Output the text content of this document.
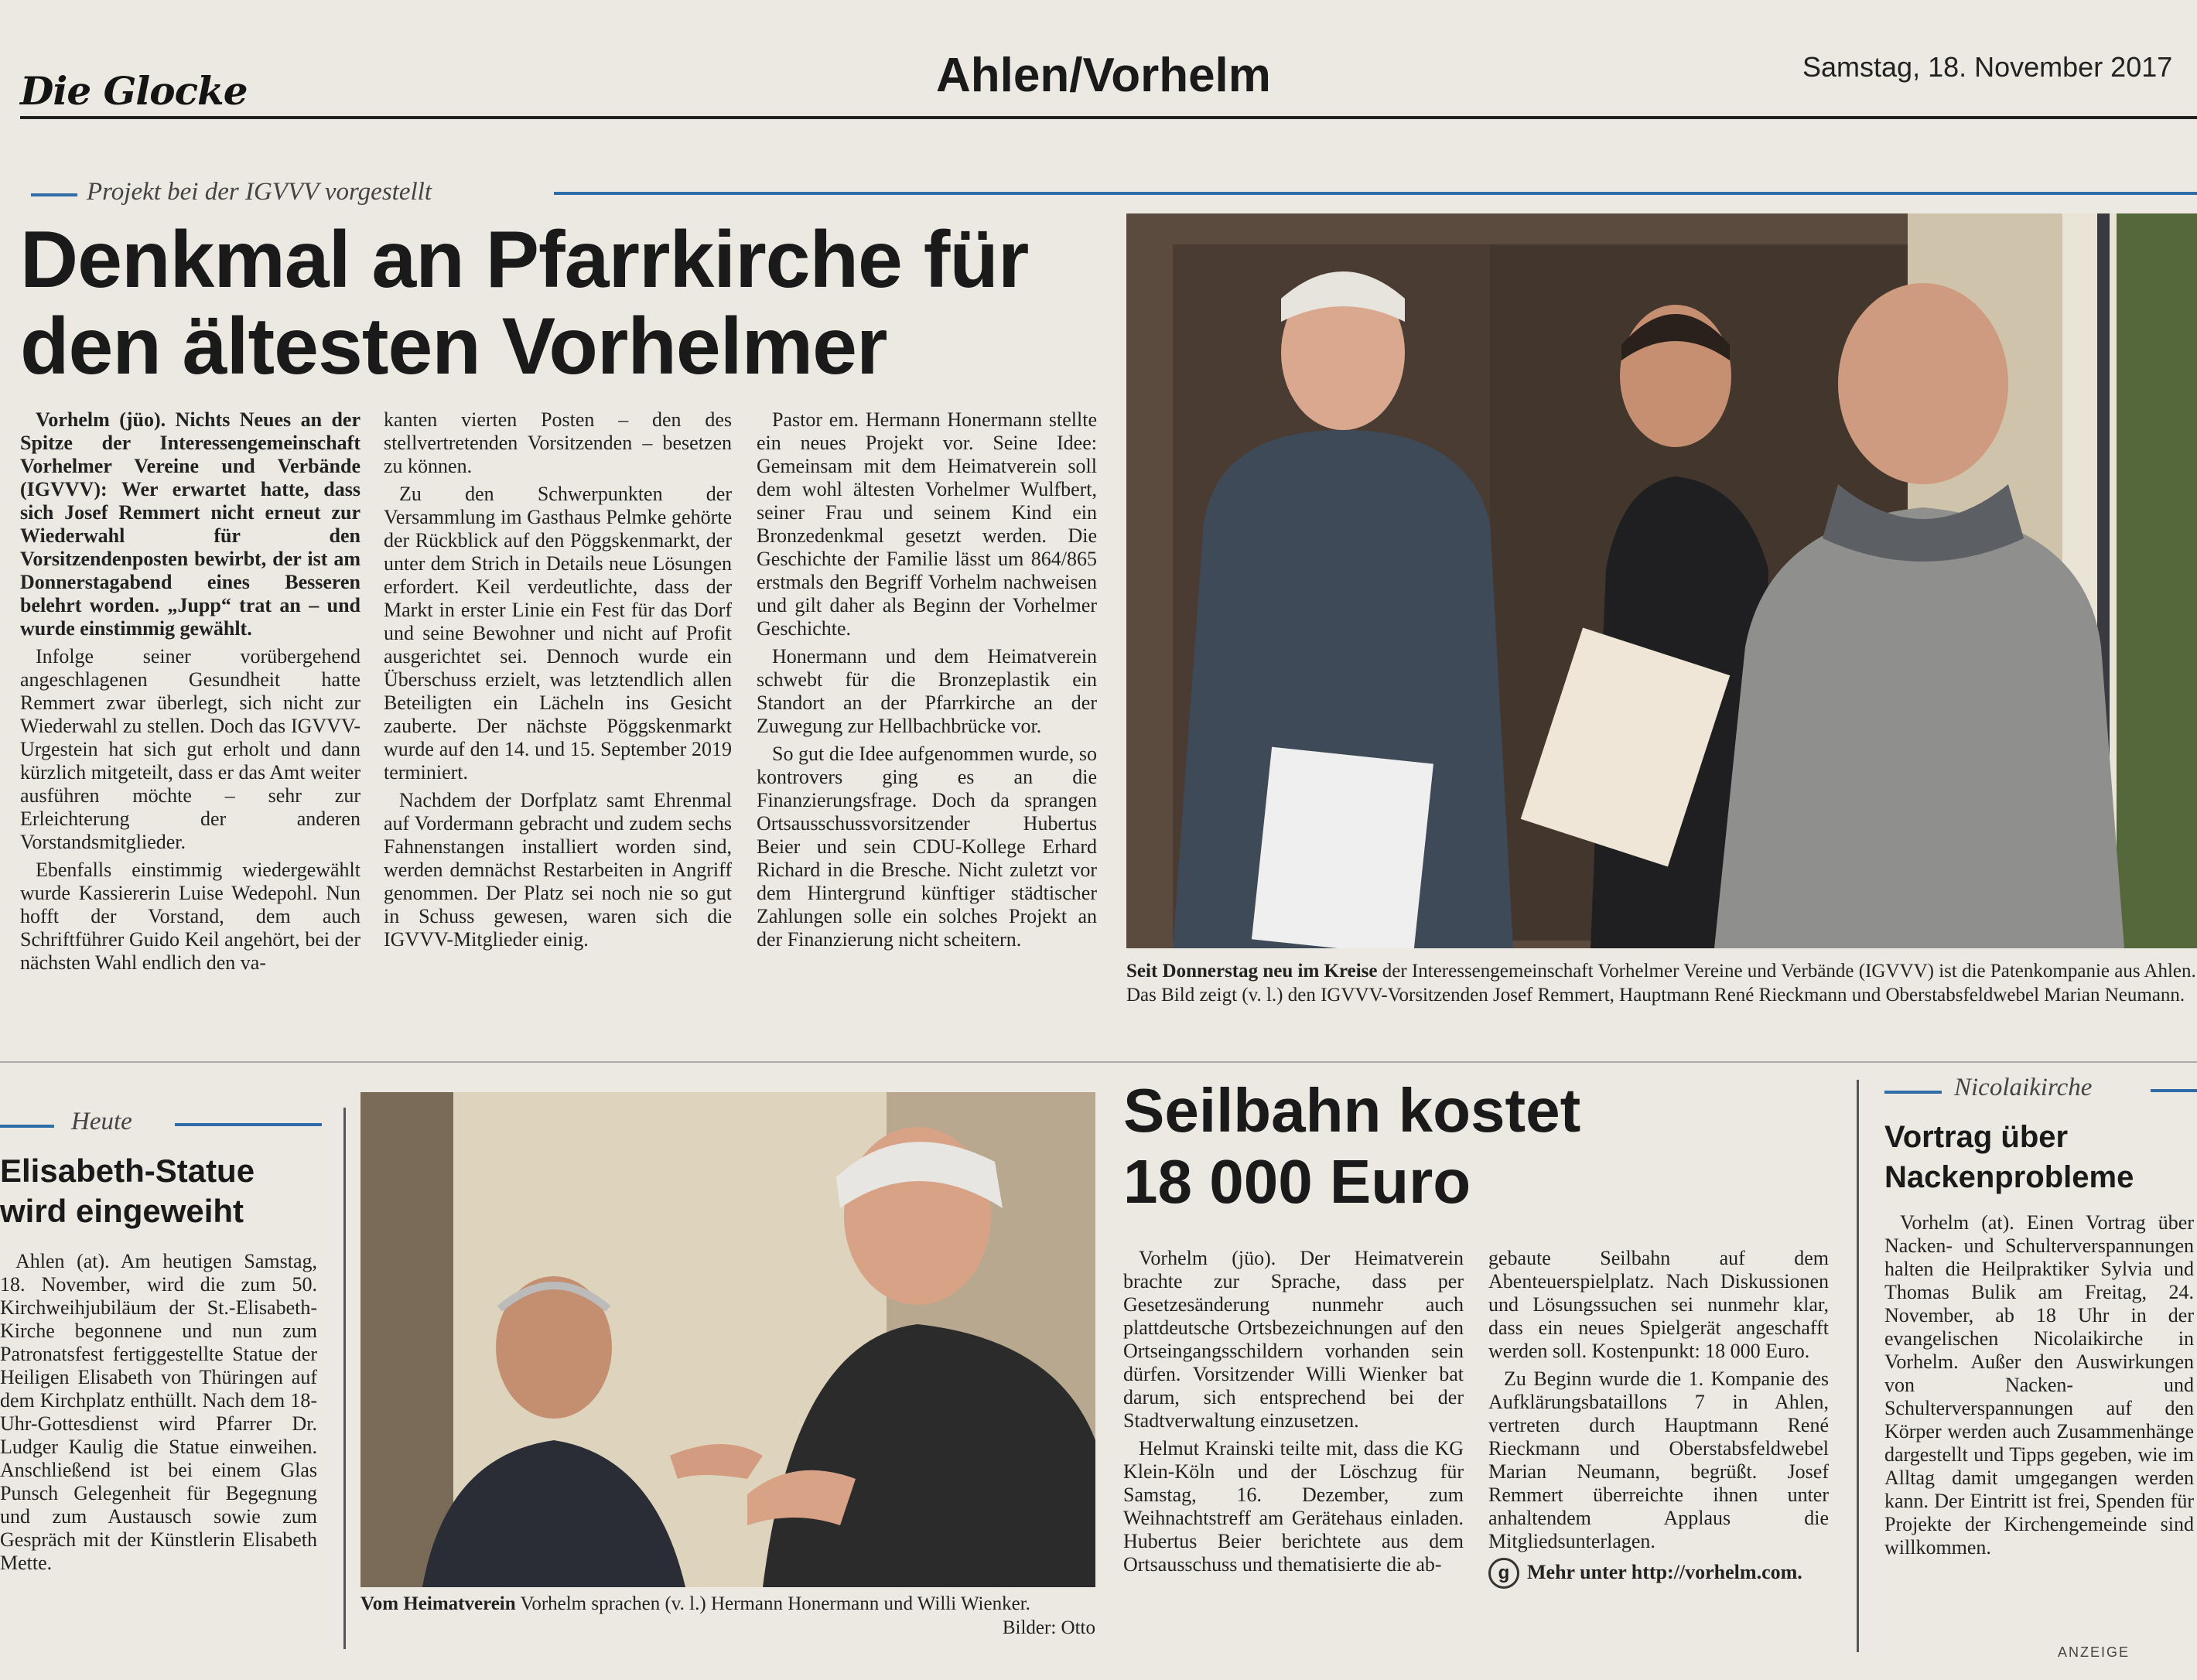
Die Glocke	Ahlen/Vorhelm	Samstag, 18. November 2017
Projekt bei der IGVVV vorgestellt
Denkmal an Pfarrkirche für
den ältesten Vorhelmer

Vorhelm (jüo). Nichts Neues an der Spitze der Interessengemeinschaft Vorhelmer Vereine und Verbände (IGVVV): Wer erwartet hatte, dass sich Josef Remmert nicht erneut zur Wiederwahl für den Vorsitzendenposten bewirbt, der ist am Donnerstagabend eines Besseren belehrt worden. „Jupp“ trat an – und wurde einstimmig gewählt.

Infolge seiner vorübergehend angeschlagenen Gesundheit hatte Remmert zwar überlegt, sich nicht zur Wiederwahl zu stellen. Doch das IGVVV-Urgestein hat sich gut erholt und dann kürzlich mitgeteilt, dass er das Amt weiter ausführen möchte – sehr zur Erleichterung der anderen Vorstandsmitglieder.

Ebenfalls einstimmig wiedergewählt wurde Kassiererin Luise Wedepohl. Nun hofft der Vorstand, dem auch Schriftführer Guido Keil angehört, bei der nächsten Wahl endlich den va-

kanten vierten Posten – den des stellvertretenden Vorsitzenden – besetzen zu können.

Zu den Schwerpunkten der Versammlung im Gasthaus Pelmke gehörte der Rückblick auf den Pöggskenmarkt, der unter dem Strich in Details neue Lösungen erfordert. Keil verdeutlichte, dass der Markt in erster Linie ein Fest für das Dorf und seine Bewohner und nicht auf Profit ausgerichtet sei. Dennoch wurde ein Überschuss erzielt, was letztendlich allen Beteiligten ein Lächeln ins Gesicht zauberte. Der nächste Pöggskenmarkt wurde auf den 14. und 15. September 2019 terminiert.

Nachdem der Dorfplatz samt Ehrenmal auf Vordermann gebracht und zudem sechs Fahnenstangen installiert worden sind, werden demnächst Restarbeiten in Angriff genommen. Der Platz sei noch nie so gut in Schuss gewesen, waren sich die IGVVV-Mitglieder einig.

Pastor em. Hermann Honermann stellte ein neues Projekt vor. Seine Idee: Gemeinsam mit dem Heimatverein soll dem wohl ältesten Vorhelmer Wulfbert, seiner Frau und seinem Kind ein Bronzedenkmal gesetzt werden. Die Geschichte der Familie lässt um 864/865 erstmals den Begriff Vorhelm nachweisen und gilt daher als Beginn der Vorhelmer Geschichte.

Honermann und dem Heimatverein schwebt für die Bronzeplastik ein Standort an der Pfarrkirche an der Zuwegung zur Hellbachbrücke vor.

So gut die Idee aufgenommen wurde, so kontrovers ging es an die Finanzierungsfrage. Doch da sprangen Ortsausschussvorsitzender Hubertus Beier und sein CDU-Kollege Erhard Richard in die Bresche. Nicht zuletzt vor dem Hintergrund künftiger städtischer Zahlungen solle ein solches Projekt an der Finanzierung nicht scheitern.

Seit Donnerstag neu im Kreise der Interessengemeinschaft Vorhelmer Vereine und Verbände (IGVVV) ist die Patenkompanie aus Ahlen. Das Bild zeigt (v. l.) den IGVVV-Vorsitzenden Josef Remmert, Hauptmann René Rieckmann und Oberstabsfeldwebel Marian Neumann.
Heute
Elisabeth-Statue
wird eingeweiht

Ahlen (at). Am heutigen Samstag, 18. November, wird die zum 50. Kirchweihjubiläum der St.-Elisabeth-Kirche begonnene und nun zum Patronatsfest fertiggestellte Statue der Heiligen Elisabeth von Thüringen auf dem Kirchplatz enthüllt. Nach dem 18-Uhr-Gottesdienst wird Pfarrer Dr. Ludger Kaulig die Statue einweihen. Anschließend ist bei einem Glas Punsch Gelegenheit für Begegnung und zum Austausch sowie zum Gespräch mit der Künstlerin Elisabeth Mette.

Vom Heimatverein Vorhelm sprachen (v. l.) Hermann Honermann und Willi Wienker.
Bilder: Otto
Seilbahn kostet
18 000 Euro

Vorhelm (jüo). Der Heimatverein brachte zur Sprache, dass per Gesetzesänderung nunmehr auch plattdeutsche Ortsbezeichnungen auf den Ortseingangsschildern vorhanden sein dürfen. Vorsitzender Willi Wienker bat darum, sich entsprechend bei der Stadtverwaltung einzusetzen.

Helmut Krainski teilte mit, dass die KG Klein-Köln und der Löschzug für Samstag, 16. Dezember, zum Weihnachtstreff am Gerätehaus einladen. Hubertus Beier berichtete aus dem Ortsausschuss und thematisierte die ab-

gebaute Seilbahn auf dem Abenteuerspielplatz. Nach Diskussionen und Lösungssuchen sei nunmehr klar, dass ein neues Spielgerät angeschafft werden soll. Kostenpunkt: 18 000 Euro.

Zu Beginn wurde die 1. Kompanie des Aufklärungsbataillons 7 in Ahlen, vertreten durch Hauptmann René Rieckmann und Oberstabsfeldwebel Marian Neumann, begrüßt. Josef Remmert überreichte ihnen unter anhaltendem Applaus die Mitgliedsunterlagen.

g Mehr unter http://vorhelm.com.

Nicolaikirche
Vortrag über
Nackenprobleme

Vorhelm (at). Einen Vortrag über Nacken- und Schulterverspannungen halten die Heilpraktiker Sylvia und Thomas Bulik am Freitag, 24. November, ab 18 Uhr in der evangelischen Nicolaikirche in Vorhelm. Außer den Auswirkungen von Nacken- und Schulterverspannungen auf den Körper werden auch Zusammenhänge dargestellt und Tipps gegeben, wie im Alltag damit umgegangen werden kann. Der Eintritt ist frei, Spenden für Projekte der Kirchengemeinde sind willkommen.

ANZEIGE
